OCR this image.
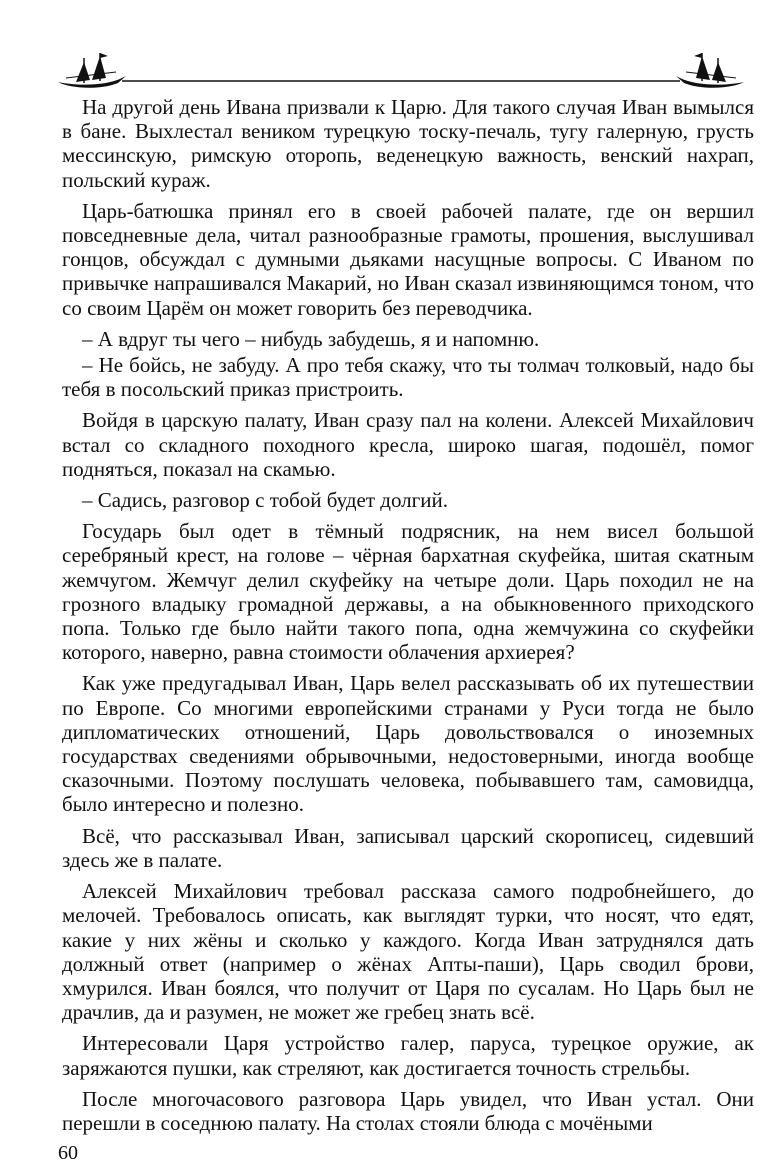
На другой день Ивана призвали к Царю. Для такого случая Иван вымылся в бане. Выхлестал веником турецкую тоску-печаль, тугу галерную, грусть мессинскую, римскую оторопь, веденецкую важность, венский нахрап, польский кураж.

Царь-батюшка принял его в своей рабочей палате, где он вершил повседневные дела, читал разнообразные грамоты, прошения, выслушивал гонцов, обсуждал с думными дьяками насущные вопросы. С Иваном по привычке напрашивался Макарий, но Иван сказал извиняющимся тоном, что со своим Царём он может говорить без переводчика.

– А вдруг ты чего – нибудь забудешь, я и напомню.

– Не бойсь, не забуду. А про тебя скажу, что ты толмач толковый, надо бы тебя в посольский приказ пристроить.

Войдя в царскую палату, Иван сразу пал на колени. Алексей Михайлович встал со складного походного кресла, широко шагая, подошёл, помог подняться, показал на скамью.

– Садись, разговор с тобой будет долгий.

Государь был одет в тёмный подрясник, на нем висел большой серебряный крест, на голове – чёрная бархатная скуфейка, шитая скатным жемчугом. Жемчуг делил скуфейку на четыре доли. Царь походил не на грозного владыку громадной державы, а на обыкновенного приходского попа. Только где было найти такого попа, одна жемчужина со скуфейки которого, наверно, равна стоимости облачения архиерея?

Как уже предугадывал Иван, Царь велел рассказывать об их путешествии по Европе. Со многими европейскими странами у Руси тогда не было дипломатических отношений, Царь довольствовался о иноземных государствах сведениями обрывочными, недостоверными, иногда вообще сказочными. Поэтому послушать человека, побывавшего там, самовидца, было интересно и полезно.

Всё, что рассказывал Иван, записывал царский скорописец, сидевший здесь же в палате.

Алексей Михайлович требовал рассказа самого подробнейшего, до мелочей. Требовалось описать, как выглядят турки, что носят, что едят, какие у них жёны и сколько у каждого. Когда Иван затруднялся дать должный ответ (например о жёнах Апты-паши), Царь сводил брови, хмурился. Иван боялся, что получит от Царя по сусалам. Но Царь был не драчлив, да и разумен, не может же гребец знать всё.

Интересовали Царя устройство галер, паруса, турецкое оружие, ак заряжаются пушки, как стреляют, как достигается точность стрельбы.

После многочасового разговора Царь увидел, что Иван устал. Они перешли в соседнюю палату. На столах стояли блюда с мочёными

60
